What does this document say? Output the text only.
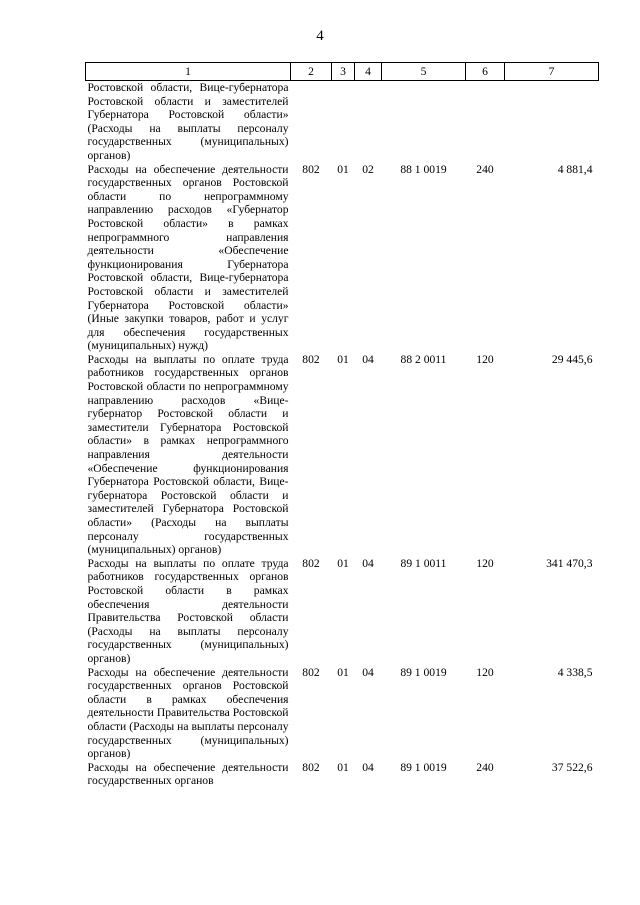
4
1	2	3	4	5	6	7
Ростовской области, Вице-губернатора Ростовской области и заместителей Губернатора Ростовской области» (Расходы на выплаты персоналу государственных (муниципальных) органов)						
Расходы на обеспечение деятельности государственных органов Ростовской области по непрограммному направлению расходов «Губернатор Ростовской области» в рамках непрограммного направления деятельности «Обеспечение функционирования Губернатора Ростовской области, Вице-губернатора Ростовской области и заместителей Губернатора Ростовской области» (Иные закупки товаров, работ и услуг для обеспечения государственных (муниципальных) нужд)	802	01	02	88 1 0019	240	4 881,4
Расходы на выплаты по оплате труда работников государственных органов Ростовской области по непрограммному направлению расходов «Вице-губернатор Ростовской области и заместители Губернатора Ростовской области» в рамках непрограммного направления деятельности «Обеспечение функционирования Губернатора Ростовской области, Вице-губернатора Ростовской области и заместителей Губернатора Ростовской области» (Расходы на выплаты персоналу государственных (муниципальных) органов)	802	01	04	88 2 0011	120	29 445,6
Расходы на выплаты по оплате труда работников государственных органов Ростовской области в рамках обеспечения деятельности Правительства Ростовской области (Расходы на выплаты персоналу государственных (муниципальных) органов)	802	01	04	89 1 0011	120	341 470,3
Расходы на обеспечение деятельности государственных органов Ростовской области в рамках обеспечения деятельности Правительства Ростовской области (Расходы на выплаты персоналу государственных (муниципальных) органов)	802	01	04	89 1 0019	120	4 338,5
Расходы на обеспечение деятельности государственных органов	802	01	04	89 1 0019	240	37 522,6
